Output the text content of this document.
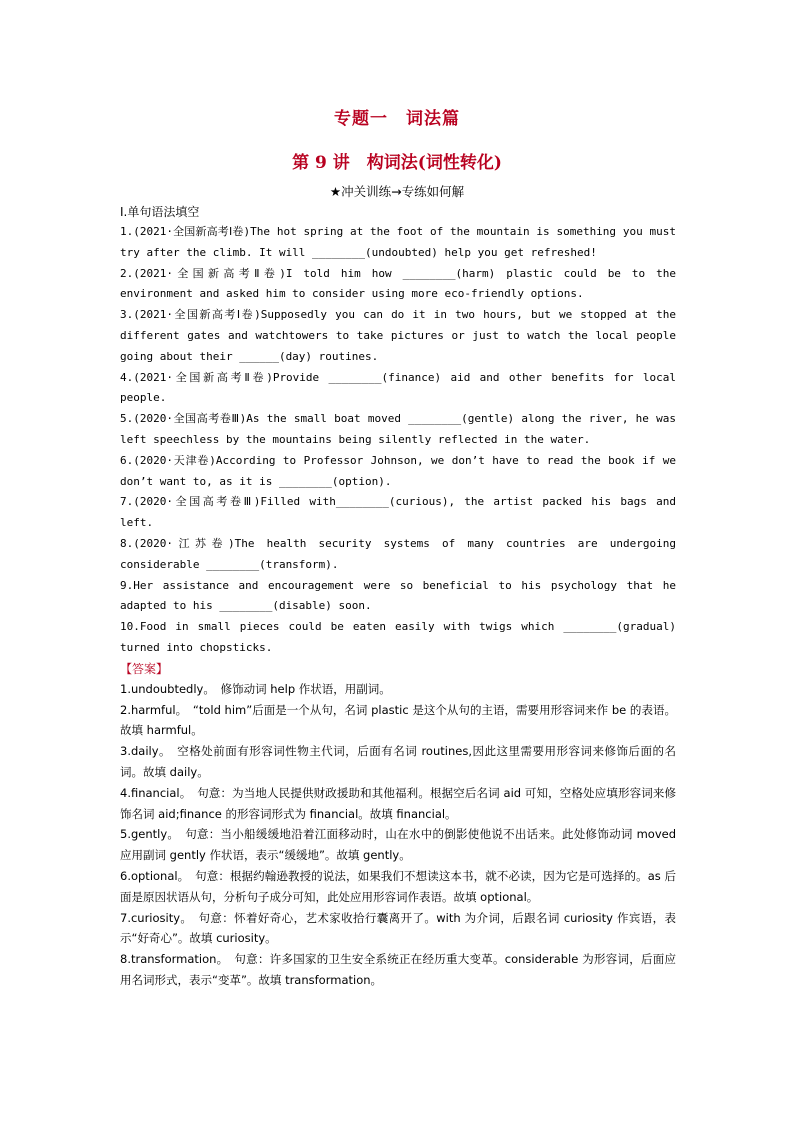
专题一　词法篇
第 9 讲　构词法(词性转化)
★冲关训练→专练如何解
Ⅰ.单句语法填空
1.(2021·全国新高考Ⅰ卷)The hot spring at the foot of the mountain is something you must try after the climb. It will ________(undoubted) help you get refreshed!
2.(2021·全国新高考Ⅱ卷)I told him how ________(harm) plastic could be to the environment and asked him to consider using more eco-friendly options.
3.(2021·全国新高考Ⅰ卷)Supposedly you can do it in two hours, but we stopped at the different gates and watchtowers to take pictures or just to watch the local people going about their ______(day) routines.
4.(2021·全国新高考Ⅱ卷)Provide ________(finance) aid and other benefits for local people.
5.(2020·全国高考卷Ⅲ)As the small boat moved ________(gentle) along the river, he was left speechless by the mountains being silently reflected in the water.
6.(2020·天津卷)According to Professor Johnson, we don’t have to read the book if we don’t want to, as it is ________(option).
7.(2020·全国高考卷Ⅲ)Filled with________(curious), the artist packed his bags and left.
8.(2020·江苏卷)The health security systems of many countries are undergoing considerable ________(transform).
9.Her assistance and encouragement were so beneficial to his psychology that he adapted to his ________(disable) soon.
10.Food in small pieces could be eaten easily with twigs which ________(gradual) turned into chopsticks.
【答案】
1.undoubtedly。　修饰动词 help 作状语，用副词。
2.harmful。　“told him”后面是一个从句，名词 plastic 是这个从句的主语，需要用形容词来作 be 的表语。故填 harmful。
3.daily。　空格处前面有形容词性物主代词，后面有名词 routines,因此这里需要用形容词来修饰后面的名词。故填 daily。
4.financial。　句意：为当地人民提供财政援助和其他福利。根据空后名词 aid 可知，空格处应填形容词来修饰名词 aid;finance 的形容词形式为 financial。故填 financial。
5.gently。　句意：当小船缓缓地沿着江面移动时，山在水中的倒影使他说不出话来。此处修饰动词 moved 应用副词 gently 作状语，表示“缓缓地”。故填 gently。
6.optional。　句意：根据约翰逊教授的说法，如果我们不想读这本书，就不必读，因为它是可选择的。as 后面是原因状语从句，分析句子成分可知，此处应用形容词作表语。故填 optional。
7.curiosity。　句意：怀着好奇心，艺术家收拾行囊离开了。with 为介词，后跟名词 curiosity 作宾语，表示“好奇心”。故填 curiosity。
8.transformation。　句意：许多国家的卫生安全系统正在经历重大变革。considerable 为形容词，后面应用名词形式，表示“变革”。故填 transformation。
